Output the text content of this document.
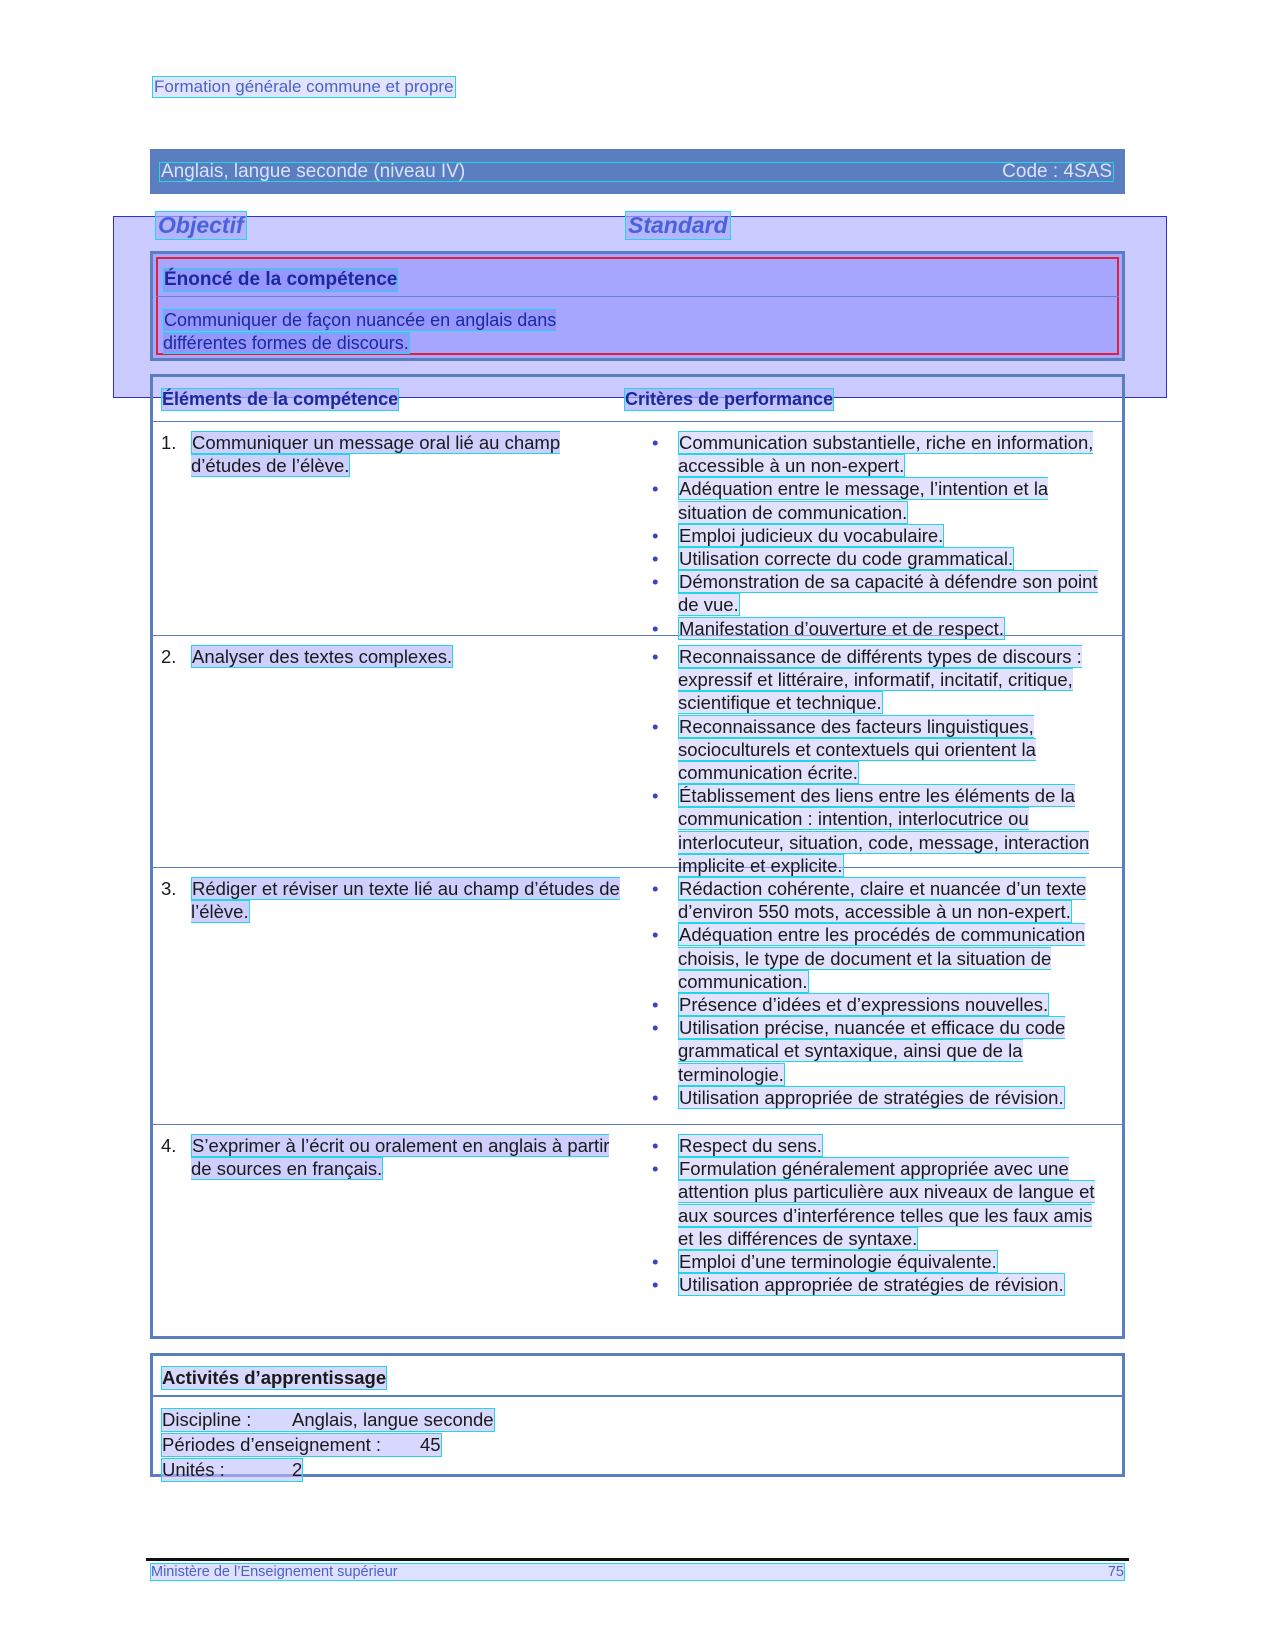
Formation générale commune et propre
Anglais, langue seconde (niveau IV)	Code : 4SAS
Objectif	Standard
Énoncé de la compétence
Communiquer de façon nuancée en anglais dans différentes formes de discours.
Éléments de la compétence	Critères de performance
1. Communiquer un message oral lié au champ d’études de l’élève.
• Communication substantielle, riche en information, accessible à un non-expert.
• Adéquation entre le message, l’intention et la situation de communication.
• Emploi judicieux du vocabulaire.
• Utilisation correcte du code grammatical.
• Démonstration de sa capacité à défendre son point de vue.
• Manifestation d’ouverture et de respect.
2. Analyser des textes complexes.
•	Reconnaissance de différents types de discours : expressif et littéraire, informatif, incitatif, critique, scientifique et technique.
• Reconnaissance des facteurs linguistiques, socioculturels et contextuels qui orientent la communication écrite.
• Établissement des liens entre les éléments de la communication : intention, interlocutrice ou interlocuteur, situation, code, message, interaction implicite et explicite.
3. Rédiger et réviser un texte lié au champ d’études de l’élève.
• Rédaction cohérente, claire et nuancée d’un texte d’environ 550 mots, accessible à un non-expert.
• Adéquation entre les procédés de communication choisis, le type de document et la situation de communication.
• Présence d’idées et d’expressions nouvelles.
• Utilisation précise, nuancée et efficace du code grammatical et syntaxique, ainsi que de la terminologie.
• Utilisation appropriée de stratégies de révision.
4. S’exprimer à l’écrit ou oralement en anglais à partir de sources en français.
• Respect du sens.
• Formulation généralement appropriée avec une attention plus particulière aux niveaux de langue et aux sources d’interférence telles que les faux amis et les différences de syntaxe.
• Emploi d’une terminologie équivalente.
• Utilisation appropriée de stratégies de révision.
Activités d’apprentissage
Discipline : Anglais, langue seconde
Périodes d’enseignement : 45
Unités :	2
Ministère de l’Enseignement supérieur	75
